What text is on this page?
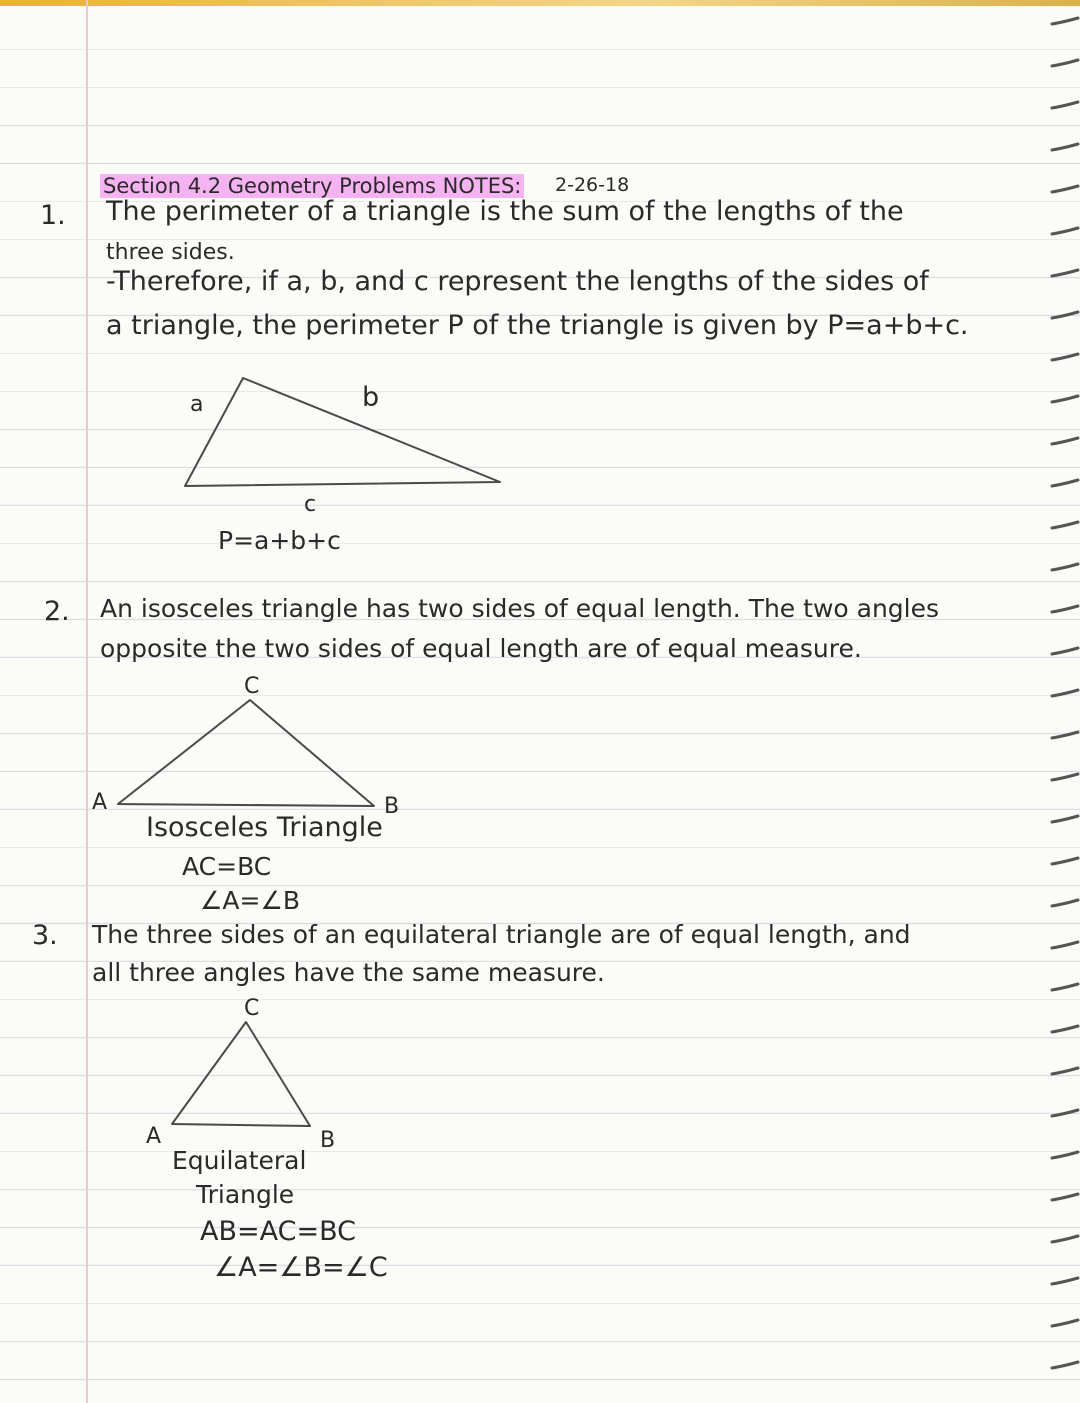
Section 4.2 Geometry Problems NOTES: 2-26-18
1. The perimeter of a triangle is the sum of the lengths of the
three sides.
-Therefore, if a, b, and c represent the lengths of the sides of
a triangle, the perimeter P of the triangle is given by P=a+b+c.
a	b
c
P=a+b+c
2. An isosceles triangle has two sides of equal length. The two angles
opposite the two sides of equal length are of equal measure.
C
A	B
Isosceles Triangle
AC=BC
∠A=∠B
3. The three sides of an equilateral triangle are of equal length, and
all three angles have the same measure.
C
A	B
Equilateral
Triangle
AB=AC=BC
∠A=∠B=∠C
